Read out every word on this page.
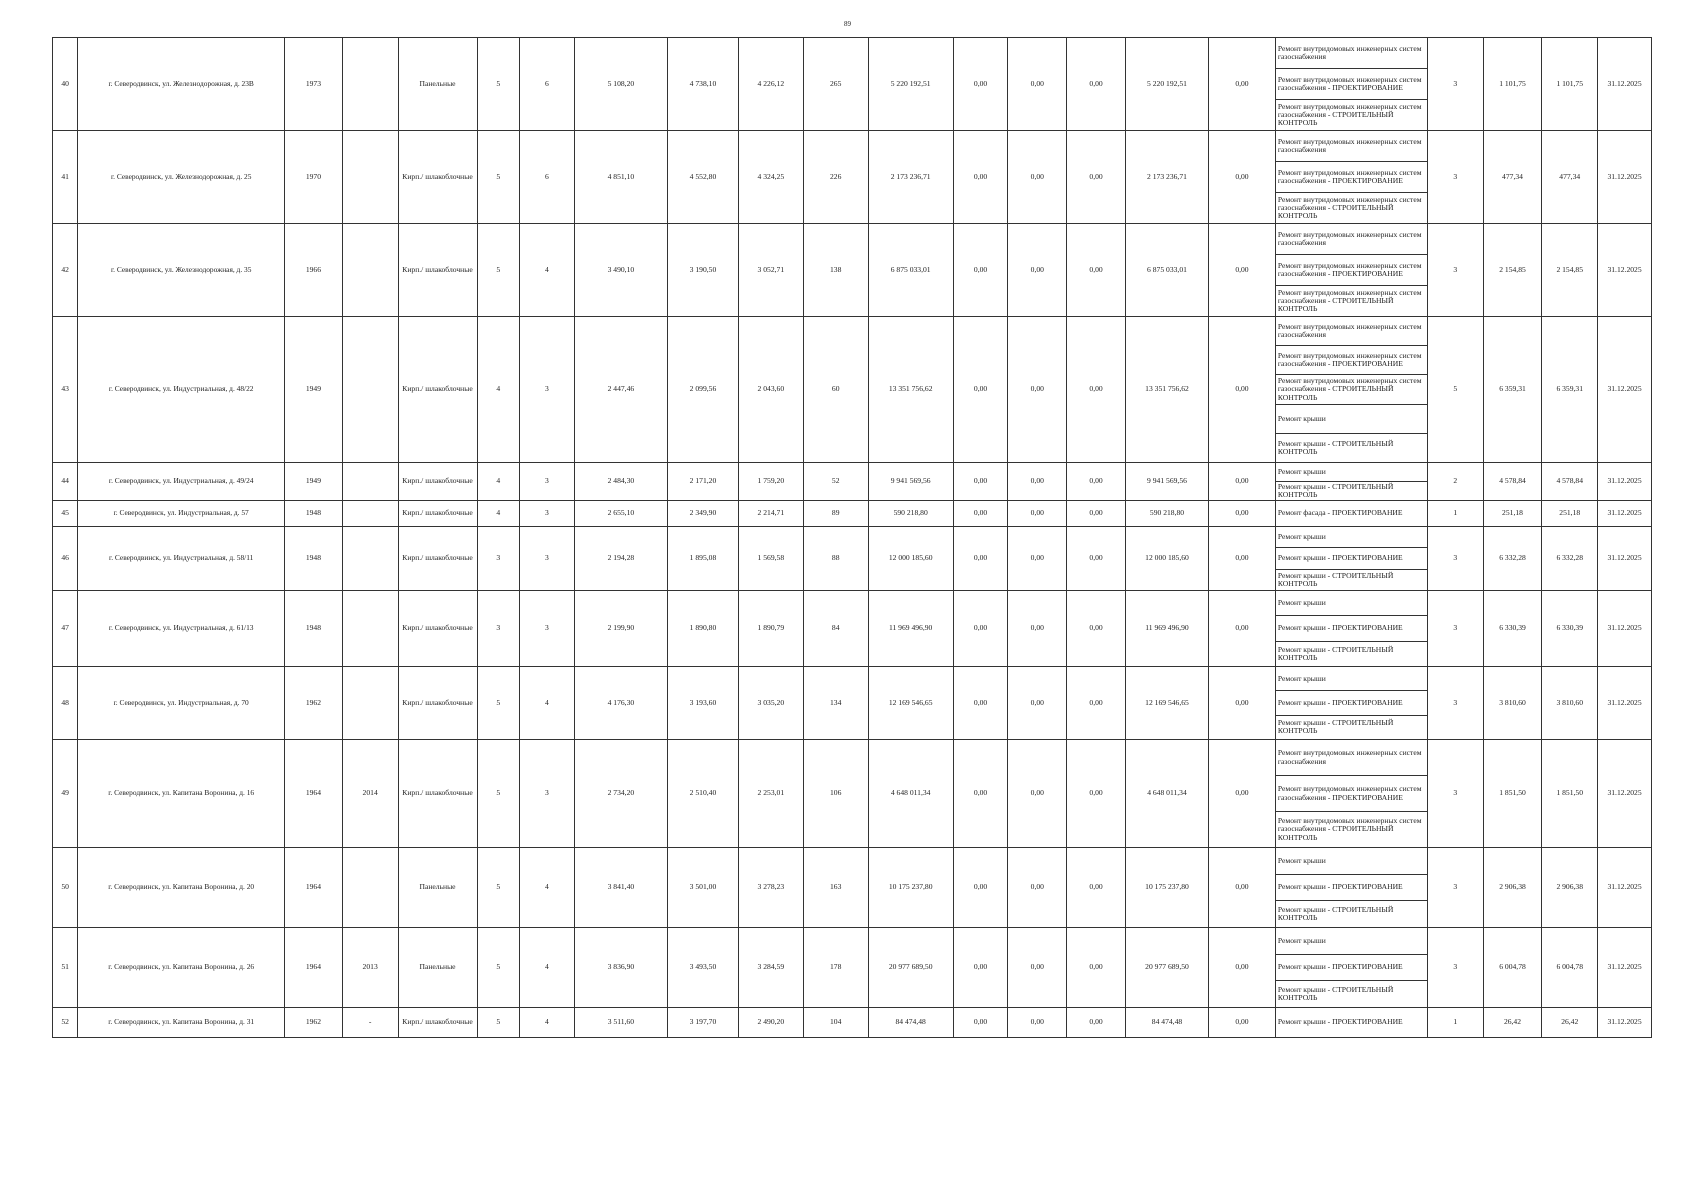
89
40	г. Северодвинск, ул. Железнодорожная, д. 23В	1973		Панельные	5	6	5 108,20	4 738,10	4 226,12	265	5 220 192,51	0,00	0,00	0,00	5 220 192,51	0,00	Ремонт внутридомовых инженерных систем газоснабжения
Ремонт внутридомовых инженерных систем газоснабжения - ПРОЕКТИРОВАНИЕ
Ремонт внутридомовых инженерных систем газоснабжения - СТРОИТЕЛЬНЫЙ КОНТРОЛЬ	3	1 101,75	1 101,75	31.12.2025
41	г. Северодвинск, ул. Железнодорожная, д. 25	1970		Кирп./ шлакоблочные	5	6	4 851,10	4 552,80	4 324,25	226	2 173 236,71	0,00	0,00	0,00	2 173 236,71	0,00	Ремонт внутридомовых инженерных систем газоснабжения
Ремонт внутридомовых инженерных систем газоснабжения - ПРОЕКТИРОВАНИЕ
Ремонт внутридомовых инженерных систем газоснабжения - СТРОИТЕЛЬНЫЙ КОНТРОЛЬ	3	477,34	477,34	31.12.2025
42	г. Северодвинск, ул. Железнодорожная, д. 35	1966		Кирп./ шлакоблочные	5	4	3 490,10	3 190,50	3 052,71	138	6 875 033,01	0,00	0,00	0,00	6 875 033,01	0,00	Ремонт внутридомовых инженерных систем газоснабжения
Ремонт внутридомовых инженерных систем газоснабжения - ПРОЕКТИРОВАНИЕ
Ремонт внутридомовых инженерных систем газоснабжения - СТРОИТЕЛЬНЫЙ КОНТРОЛЬ	3	2 154,85	2 154,85	31.12.2025
43	г. Северодвинск, ул. Индустриальная, д. 48/22	1949		Кирп./ шлакоблочные	4	3	2 447,46	2 099,56	2 043,60	60	13 351 756,62	0,00	0,00	0,00	13 351 756,62	0,00	Ремонт внутридомовых инженерных систем газоснабжения
Ремонт внутридомовых инженерных систем газоснабжения - ПРОЕКТИРОВАНИЕ
Ремонт внутридомовых инженерных систем газоснабжения - СТРОИТЕЛЬНЫЙ КОНТРОЛЬ
Ремонт крыши
Ремонт крыши - СТРОИТЕЛЬНЫЙ КОНТРОЛЬ	5	6 359,31	6 359,31	31.12.2025
44	г. Северодвинск, ул. Индустриальная, д. 49/24	1949		Кирп./ шлакоблочные	4	3	2 484,30	2 171,20	1 759,20	52	9 941 569,56	0,00	0,00	0,00	9 941 569,56	0,00	Ремонт крыши
Ремонт крыши - СТРОИТЕЛЬНЫЙ КОНТРОЛЬ	2	4 578,84	4 578,84	31.12.2025
45	г. Северодвинск, ул. Индустриальная, д. 57	1948		Кирп./ шлакоблочные	4	3	2 655,10	2 349,90	2 214,71	89	590 218,80	0,00	0,00	0,00	590 218,80	0,00	Ремонт фасада - ПРОЕКТИРОВАНИЕ	1	251,18	251,18	31.12.2025
46	г. Северодвинск, ул. Индустриальная, д. 58/11	1948		Кирп./ шлакоблочные	3	3	2 194,28	1 895,08	1 569,58	88	12 000 185,60	0,00	0,00	0,00	12 000 185,60	0,00	Ремонт крыши
Ремонт крыши - ПРОЕКТИРОВАНИЕ
Ремонт крыши - СТРОИТЕЛЬНЫЙ КОНТРОЛЬ	3	6 332,28	6 332,28	31.12.2025
47	г. Северодвинск, ул. Индустриальная, д. 61/13	1948		Кирп./ шлакоблочные	3	3	2 199,90	1 890,80	1 890,79	84	11 969 496,90	0,00	0,00	0,00	11 969 496,90	0,00	Ремонт крыши
Ремонт крыши - ПРОЕКТИРОВАНИЕ
Ремонт крыши - СТРОИТЕЛЬНЫЙ КОНТРОЛЬ	3	6 330,39	6 330,39	31.12.2025
48	г. Северодвинск, ул. Индустриальная, д. 70	1962		Кирп./ шлакоблочные	5	4	4 176,30	3 193,60	3 035,20	134	12 169 546,65	0,00	0,00	0,00	12 169 546,65	0,00	Ремонт крыши
Ремонт крыши - ПРОЕКТИРОВАНИЕ
Ремонт крыши - СТРОИТЕЛЬНЫЙ КОНТРОЛЬ	3	3 810,60	3 810,60	31.12.2025
49	г. Северодвинск, ул. Капитана Воронина, д. 16	1964	2014	Кирп./ шлакоблочные	5	3	2 734,20	2 510,40	2 253,01	106	4 648 011,34	0,00	0,00	0,00	4 648 011,34	0,00	Ремонт внутридомовых инженерных систем газоснабжения
Ремонт внутридомовых инженерных систем газоснабжения - ПРОЕКТИРОВАНИЕ
Ремонт внутридомовых инженерных систем газоснабжения - СТРОИТЕЛЬНЫЙ КОНТРОЛЬ	3	1 851,50	1 851,50	31.12.2025
50	г. Северодвинск, ул. Капитана Воронина, д. 20	1964		Панельные	5	4	3 841,40	3 501,00	3 278,23	163	10 175 237,80	0,00	0,00	0,00	10 175 237,80	0,00	Ремонт крыши
Ремонт крыши - ПРОЕКТИРОВАНИЕ
Ремонт крыши - СТРОИТЕЛЬНЫЙ КОНТРОЛЬ	3	2 906,38	2 906,38	31.12.2025
51	г. Северодвинск, ул. Капитана Воронина, д. 26	1964	2013	Панельные	5	4	3 836,90	3 493,50	3 284,59	178	20 977 689,50	0,00	0,00	0,00	20 977 689,50	0,00	Ремонт крыши
Ремонт крыши - ПРОЕКТИРОВАНИЕ
Ремонт крыши - СТРОИТЕЛЬНЫЙ КОНТРОЛЬ	3	6 004,78	6 004,78	31.12.2025
52	г. Северодвинск, ул. Капитана Воронина, д. 31	1962	-	Кирп./ шлакоблочные	5	4	3 511,60	3 197,70	2 490,20	104	84 474,48	0,00	0,00	0,00	84 474,48	0,00	Ремонт крыши - ПРОЕКТИРОВАНИЕ	1	26,42	26,42	31.12.2025
